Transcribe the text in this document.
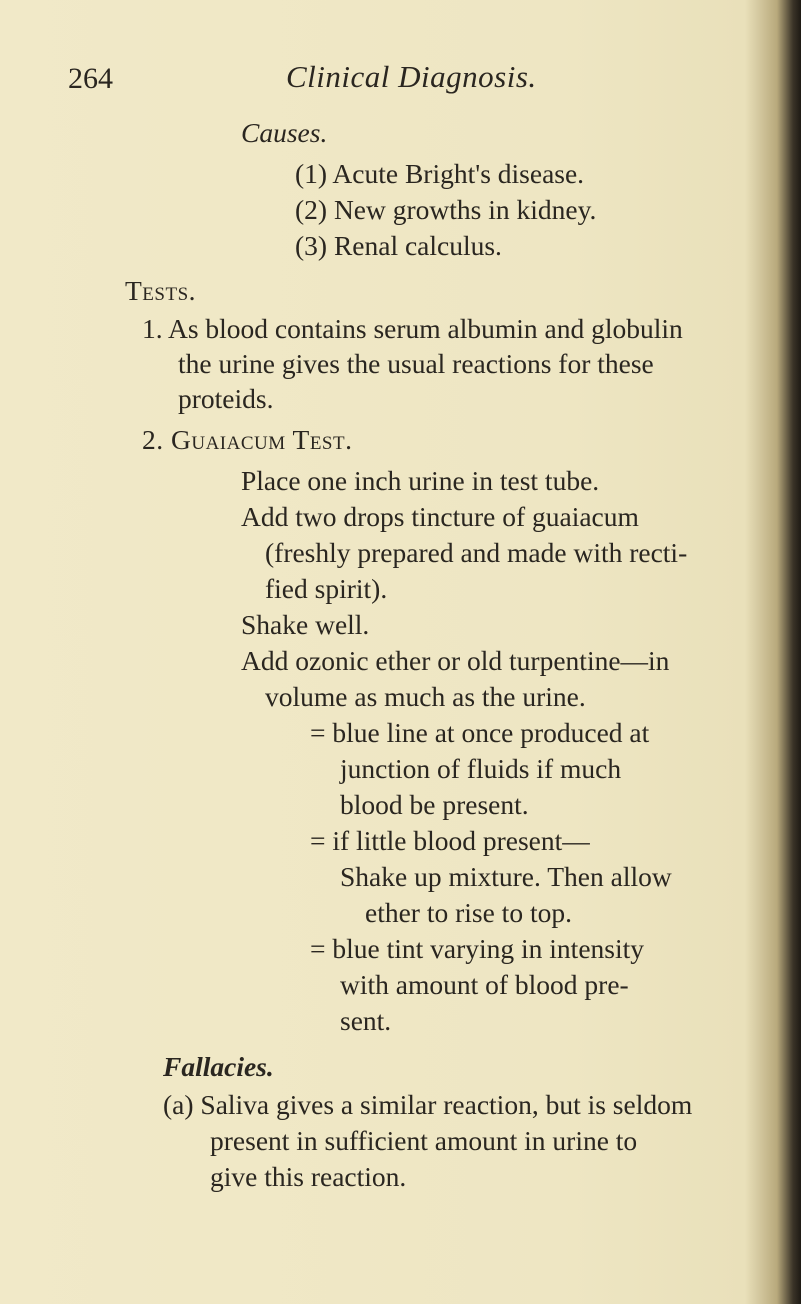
264	Clinical Diagnosis.
Causes.
(1) Acute Bright's disease.
(2) New growths in kidney.
(3) Renal calculus.
Tests.
1. As blood contains serum albumin and globulin
the urine gives the usual reactions for these
proteids.
2. Guaiacum Test.
Place one inch urine in test tube.
Add two drops tincture of guaiacum
(freshly prepared and made with recti-
fied spirit).
Shake well.
Add ozonic ether or old turpentine—in
volume as much as the urine.
= blue line at once produced at
junction of fluids if much
blood be present.
= if little blood present—
Shake up mixture. Then allow
ether to rise to top.
= blue tint varying in intensity
with amount of blood pre-
sent.
Fallacies.
(a) Saliva gives a similar reaction, but is seldom
present in sufficient amount in urine to
give this reaction.
